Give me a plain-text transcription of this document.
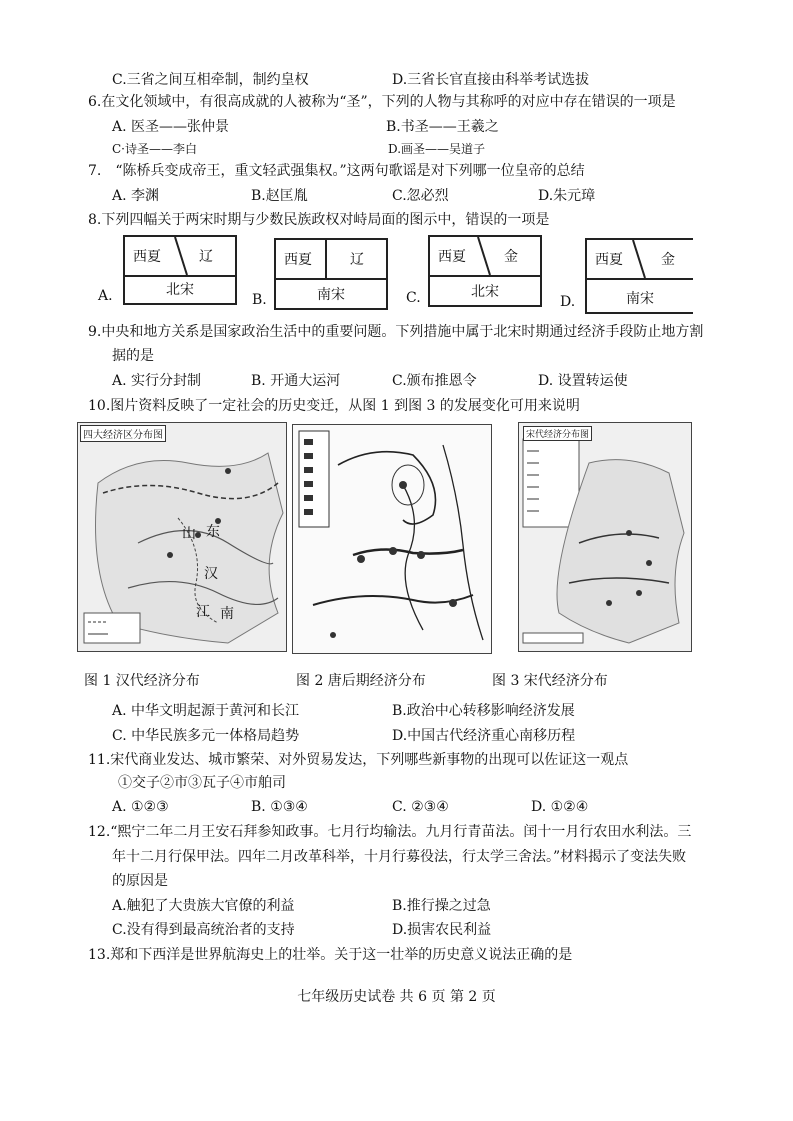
C.三省之间互相牵制，制约皇权	D.三省长官直接由科举考试选拔
6.在文化领域中，有很高成就的人被称为“圣”，下列的人物与其称呼的对应中存在错误的一项是
A. 医圣——张仲景	B.书圣——王羲之
C·诗圣——李白	D.画圣——吴道子
7.　“陈桥兵变成帝王，重文轻武强集权。”这两句歌谣是对下列哪一位皇帝的总结
A. 李渊	B.赵匡胤	C.忽必烈	D.朱元璋
8.下列四幅关于两宋时期与少数民族政权对峙局面的图示中，错误的一项是
西夏	辽
北宋
A.
西夏	辽
南宋
B.
西夏	金
北宋
C.
西夏	金
南宋
D.
9.中央和地方关系是国家政治生活中的重要问题。下列措施中属于北宋时期通过经济手段防止地方割
据的是
A. 实行分封制	B. 开通大运河	C.颁布推恩令	D. 设置转运使
10.图片资料反映了一定社会的历史变迁，从图 1 到图 3 的发展变化可用来说明
四大经济区分布图
山 东
汉
江 南
宋代经济分布图
图 1 汉代经济分布	图 2 唐后期经济分布	图 3 宋代经济分布
A. 中华文明起源于黄河和长江	B.政治中心转移影响经济发展
C. 中华民族多元一体格局趋势	D.中国古代经济重心南移历程
11.宋代商业发达、城市繁荣、对外贸易发达，下列哪些新事物的出现可以佐证这一观点
①交子②市③瓦子④市舶司
A. ①②③	B. ①③④	C. ②③④	D. ①②④
12.“熙宁二年二月王安石拜参知政事。七月行均输法。九月行青苗法。闰十一月行农田水利法。三
年十二月行保甲法。四年二月改革科举，十月行募役法，行太学三舍法。”材料揭示了变法失败
的原因是
A.触犯了大贵族大官僚的利益	B.推行操之过急
C.没有得到最高统治者的支持	D.损害农民利益
13.郑和下西洋是世界航海史上的壮举。关于这一壮举的历史意义说法正确的是
七年级历史试卷 共 6 页 第 2 页
